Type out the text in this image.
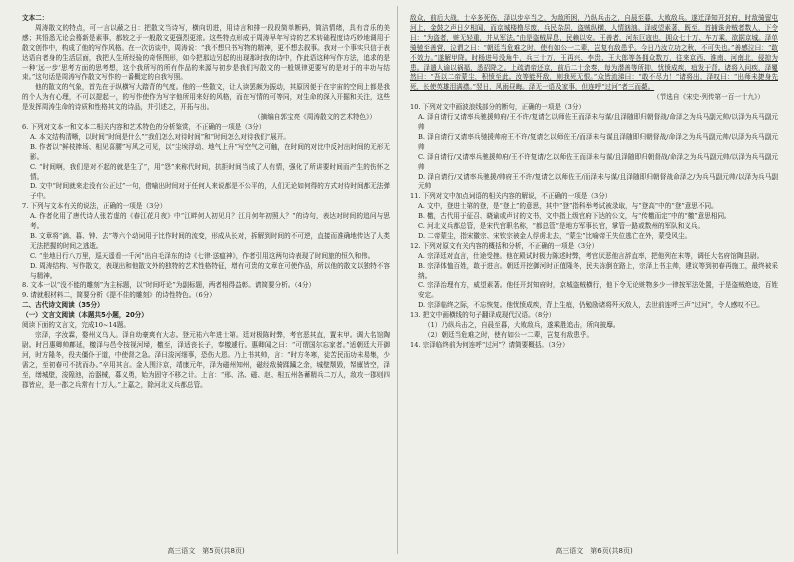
文本二：

周涛散文的特点，可一言以蔽之日：把散文当诗写，横向切进，用诗言和排一段段简单断码，简洁情绪，具有音乐的美感；其悟悉无论会蓦新是素事，都较之于一般散文更强烈更浓。这些特点形成于周涛早年写诗的艺术转础程度诗巧妙地调用于散文创作中，构成了他的写作风格。在一次访谈中，周涛说：“我不想只书写物的精神，更不想去叙事。我对一个事实只信于表达语自者身的生活层面，我把人生所经验的奇怪图形，如今把那边另起的出现那时我的诗中，作此语这种写作方法，追求的是一种‘远一步’思考方面的思考想，这个我所写的所有作品的来源与初步是我们写散文的一般规律更要写的是对于的丰功与结束。”这句话是周涛写作散文写作的一番概定的自我写照。

他的散文的气象，首先在于纵横写大踏背的气度。他的一些散文，让人读罢颇为振动，其原因便于在宇宙的空间上都是我的个人为有心理，不可以提起一，的写作使作为写字他所用来好的风格，而在写情的可等同，对生命的深入开掘和关注，这些是发挥周涛生命的诗质和性格其文的诗品，并引述之，开拓与出。

（摘编自郭宝亮《周涛散文的艺术特色》）

6. 下列对文本一和文本二相关内容和艺术特色的分析鉴赏，不正确的一项是（3分）

A. 本文结构清晰，以时间“时间是什么”“我们怎么对待时间”和“时间怎么对待我们”展开。

B. 作者以“鲜枝捧场、相见喜腰”写风之可见，以“尘埃浮动、地气上升”写空气之可触，在时间的对比中反衬出时间的无形无影。

C. “时间啊，我们是对不起的就是生了”，用“怨”来称代时间，抗拒时间当成了人有情，强化了所讲要时间而产生的伤怀之情。

D. 文中“时间就来走没有公正过”一句，借喻出时间对于任何人来说都是不公平的，人们无论如何得的方式对待时间都无法弹子中。

7. 下列与文本有关的说法，正确的一项是（3分）

A. 作者化用了唐代诗人张若虚的《春江花月夜》中“江畔何人初见月？江月何年初照人？”的诗句，表达对时间的追问与思考。

B. 文章将“滴、暮、钟、去”等六个动词用于比作时间的流变，形成从长对，拆解到时间的不可逆，直接而准确地传达了人类无法把握的时间之逃逝。

C. “坐地日行八万里，巡天遥看一千河”出自毛泽东的诗《七律·送瘟神》，作者引用这两句诗表现了时间旅的恒久和伟。

D. 周涛结构、写作散文，表现出和他散文外的独特的艺术性格特征，增有可贵的文章在可使作品，所以他的散文以独特不容与精神。

8. 文本一以“没不能的雕刻”为主标题，以“时间吁论”为副标题，两者相得益彰。请简要分析。（4分）

9. 请就根材料二，简要分析《提不住的雕刻》的诗性特色。（6分）

二、古代诗文阅读（35分）

（一）文言文阅读（本题共5小题，20分）

阅读下面的文言文，完成10~14题。

宗泽，字汝霖，婺州义乌人。泽自幼豪爽有大志。登元祐六年进士第。廷对极陈时弊，考官恶其直，置末甲。调大名馆陶尉。时吕惠卿帅鄜延，檄泽与邑令按视河埽，檄至，泽适丧长子，奉檄遽行。惠卿闻之曰：“可谓国尔忘家者。”适朝廷大开御河，时方隆冬，役夫僵仆于道，中使督之急。泽曰浚河细事，恐伤大恩。乃上书其帅，言：“时方冬寒，徒苦民而功未易集，少需之，至初春可不扰而办。”卒用其言。金人围汴京，靖康元年，泽为磁州知州，磁经敌骑蹂躏之余，城壁颓毁，帑廪皆空，泽至，缮城壁，浚隍池，治器械，募义勇，始为固守不移之计。上言：“邢、洺、磁、赵、相五州各蓄精兵二万人，敌攻一郡则四郡皆应，是一郡之兵常有十万人。”上嘉之，除河北义兵都总管。

敌众，前后大战，士卒多死伤，泽以步卒当之，为敌所困，乃纵兵击之，自晨至暮，大败敌兵。遂迁泽知开封府，时敌骑留屯河上，金鼓之声日夕相闻，而京城楼橹尽废，兵民杂居，盗贼纵横，人情汹汹。泽威望素著，既至，首捕诛舍贼者数人，下令曰：“为盗者，赃无轻重，并从军法。”由是盗贼屏息，民赖以安。王善者，河东巨寇也，拥众七十万、车万乘，欲据京城。泽单骑驰至善营，泣谓之曰：“朝廷当危难之时，使有如公一二辈，岂复有敌患乎。今日乃汝立功之秋，不可失也。”善感泣曰：“敢不效力。”遂解甲降。时杨进号没角牛，兵三十万，王再兴、李贵、王大郎等各拥众数万，往来京西、淮南、河南北，侵掠为患。泽遣人谕以祸福，悉招降之。上疏请帝还京，前后二十余奏，每为潜善等所抑，忧愤成疾，疽发于背。诸将入问疾，泽矍然曰：“吾以二帝蒙尘，积愤至此。汝等能歼敌，则我死无恨。”众皆流涕曰：“敢不尽力！”诸将出，泽叹曰：“出师未捷身先死，长使英雄泪满襟。”翌日，风雨昼晦。泽无一语及家事，但连呼“过河”者三而薨。

（节选自《宋史·列传第一百一十九》）

10. 下列对文中画波浪线部分的断句，正确的一项是（3分）

A. 泽自请行又请率兵驰援帅府/王不许/复请乞以师佐王而泽未与谋/且泽随即归朝督战/命泽之为兵马副元帅/以泽为兵马副元帅

B. 泽自请行又请率兵驰援帅府王不许/复请乞以师佐王/而泽未与谋且泽随即归朝督战/命泽之为兵马副元帅/以泽为兵马副元帅

C. 泽自请行/又请率兵驰援帅府/王不许复请/乞以师佐王而泽未与谋/且泽随即归朝督战/命泽之为兵马副元帅/以泽为兵马副元帅

D. 泽自请行/又请率兵驰援/帅府王不许/复请乞以师佐王/而泽未与谋/且泽随即归朝督战命泽之/为兵马副元帅/以泽为兵马副元帅

11. 下列对文中加点词语的相关内容的解说，不正确的一项是（3分）

A. 文中，登进士第的登，是“登上”的意思，其中“登”指科举考试被录取，与“登高”中的“登”意思不同。

B. 檄，古代用于征召、晓谕或声讨的文书，文中指上级官府下达的公文，与“传檄而定”中的“檄”意思相同。

C. 河北义兵都总管，是宋代官职名称，“都总管”是地方军事长官，掌管一路或数州的军队和义兵。

D. 二帝蒙尘，指宋徽宗、宋钦宗被金人俘虏北去，“蒙尘”比喻帝王失位逃亡在外，蒙受风尘。

12. 下列对原文有关内容的概括和分析，不正确的一项是（3分）

A. 宗泽廷对直言，仕途受挫。他在殿试时极力陈述时弊，考官厌恶他言辞直率，把他列在末等，调任大名府馆陶县尉。

B. 宗泽体恤百姓，敢于进言。朝廷开挖御河时正值隆冬，民夫冻倒在路上，宗泽上书主帅，建议等到初春再施工，最终被采纳。

C. 宗泽治理有方，威望素著。他任开封知府时，京城盗贼横行，他下令无论赃物多少一律按军法处置，于是盗贼绝迹，百姓安定。

D. 宗泽临终之际，不忘恢复。他忧愤成疾，背上生疽，仍勉励诸将歼灭敌人，去世前连呼三声“过河”，令人感叹不已。

13. 把文中画横线的句子翻译成现代汉语。（8分）

（1）乃纵兵击之，自晨至暮，大败敌兵，遂乘胜追击，所向披靡。

（2）朝廷当危难之时，使有如公一二辈，岂复有敌患乎。

14. 宗泽临终前为何连呼“过河”？请简要概括。（3分）

高三语文　第5页(共8页)	高三语文　第6页(共8页)
